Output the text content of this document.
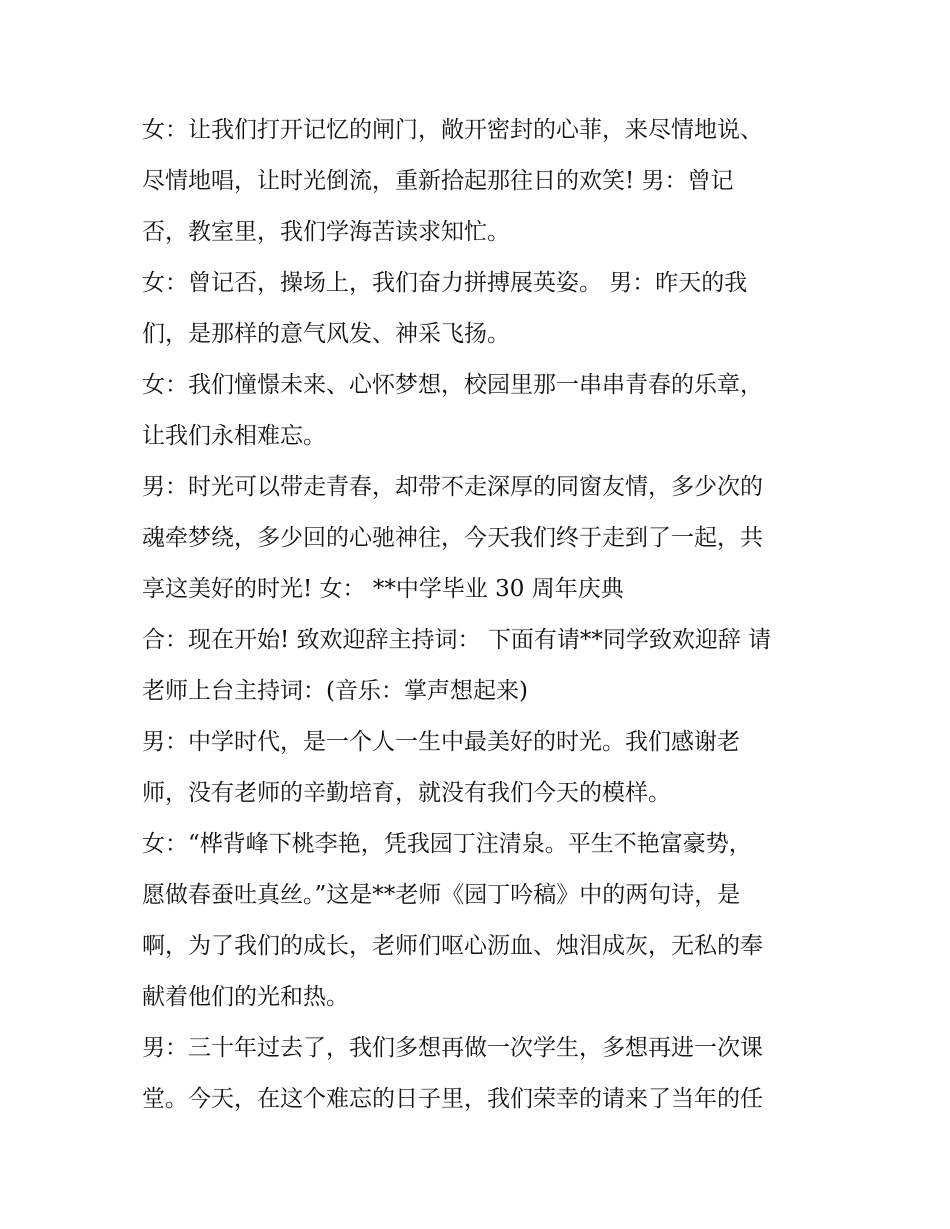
女：让我们打开记忆的闸门，敞开密封的心菲，来尽情地说、
尽情地唱，让时光倒流，重新拾起那往日的欢笑! 男：曾记
否，教室里，我们学海苦读求知忙。
女：曾记否，操场上，我们奋力拼搏展英姿。 男：昨天的我
们，是那样的意气风发、神采飞扬。
女：我们憧憬未来、心怀梦想，校园里那一串串青春的乐章，
让我们永相难忘。
男：时光可以带走青春，却带不走深厚的同窗友情，多少次的
魂牵梦绕，多少回的心驰神往，今天我们终于走到了一起，共
享这美好的时光! 女： **中学毕业 30 周年庆典
合：现在开始! 致欢迎辞主持词： 下面有请**同学致欢迎辞 请
老师上台主持词：(音乐：掌声想起来)
男：中学时代，是一个人一生中最美好的时光。我们感谢老
师，没有老师的辛勤培育，就没有我们今天的模样。
女：“桦背峰下桃李艳，凭我园丁注清泉。平生不艳富豪势，
愿做春蚕吐真丝。”这是**老师《园丁吟稿》中的两句诗，是
啊，为了我们的成长，老师们呕心沥血、烛泪成灰，无私的奉
献着他们的光和热。
男：三十年过去了，我们多想再做一次学生，多想再进一次课
堂。今天，在这个难忘的日子里，我们荣幸的请来了当年的任
